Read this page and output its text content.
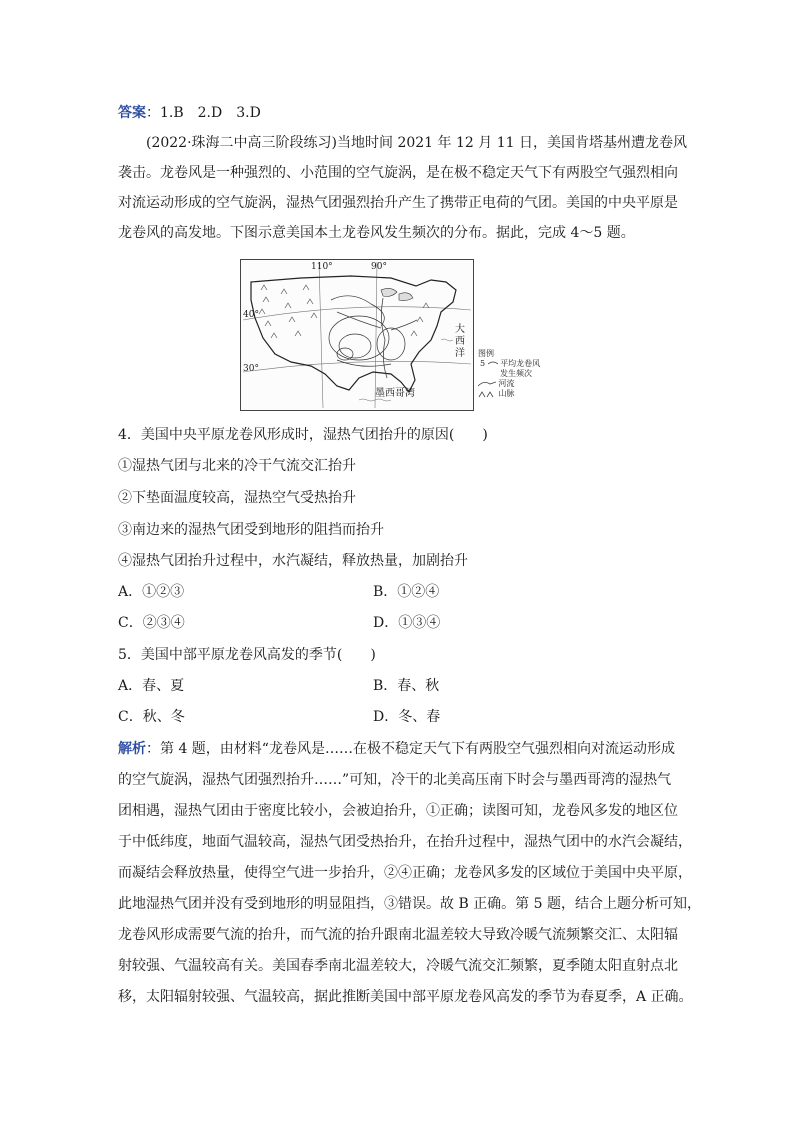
答案：1.B　2.D　3.D
(2022·珠海二中高三阶段练习)当地时间 2021 年 12 月 11 日，美国肯塔基州遭龙卷风
袭击。龙卷风是一种强烈的、小范围的空气旋涡，是在极不稳定天气下有两股空气强烈相向
对流运动形成的空气旋涡，湿热气团强烈抬升产生了携带正电荷的气团。美国的中央平原是
龙卷风的高发地。下图示意美国本土龙卷风发生频次的分布。据此，完成 4～5 题。
110°	90°
40°
30°
大
西
洋
墨西哥湾
图例
5 平均龙卷风
发生频次
河流
山脉
4．美国中央平原龙卷风形成时，湿热气团抬升的原因(　　)
①湿热气团与北来的冷干气流交汇抬升
②下垫面温度较高，湿热空气受热抬升
③南边来的湿热气团受到地形的阻挡而抬升
④湿热气团抬升过程中，水汽凝结，释放热量，加剧抬升
A．①②③	B．①②④
C．②③④	D．①③④
5．美国中部平原龙卷风高发的季节(　　)
A．春、夏	B．春、秋
C．秋、冬	D．冬、春
解析：第 4 题，由材料“龙卷风是……在极不稳定天气下有两股空气强烈相向对流运动形成
的空气旋涡，湿热气团强烈抬升……”可知，冷干的北美高压南下时会与墨西哥湾的湿热气
团相遇，湿热气团由于密度比较小，会被迫抬升，①正确；读图可知，龙卷风多发的地区位
于中低纬度，地面气温较高，湿热气团受热抬升，在抬升过程中，湿热气团中的水汽会凝结，
而凝结会释放热量，使得空气进一步抬升，②④正确；龙卷风多发的区域位于美国中央平原，
此地湿热气团并没有受到地形的明显阻挡，③错误。故 B 正确。第 5 题，结合上题分析可知，
龙卷风形成需要气流的抬升，而气流的抬升跟南北温差较大导致冷暖气流频繁交汇、太阳辐
射较强、气温较高有关。美国春季南北温差较大，冷暖气流交汇频繁，夏季随太阳直射点北
移，太阳辐射较强、气温较高，据此推断美国中部平原龙卷风高发的季节为春夏季，A 正确。
